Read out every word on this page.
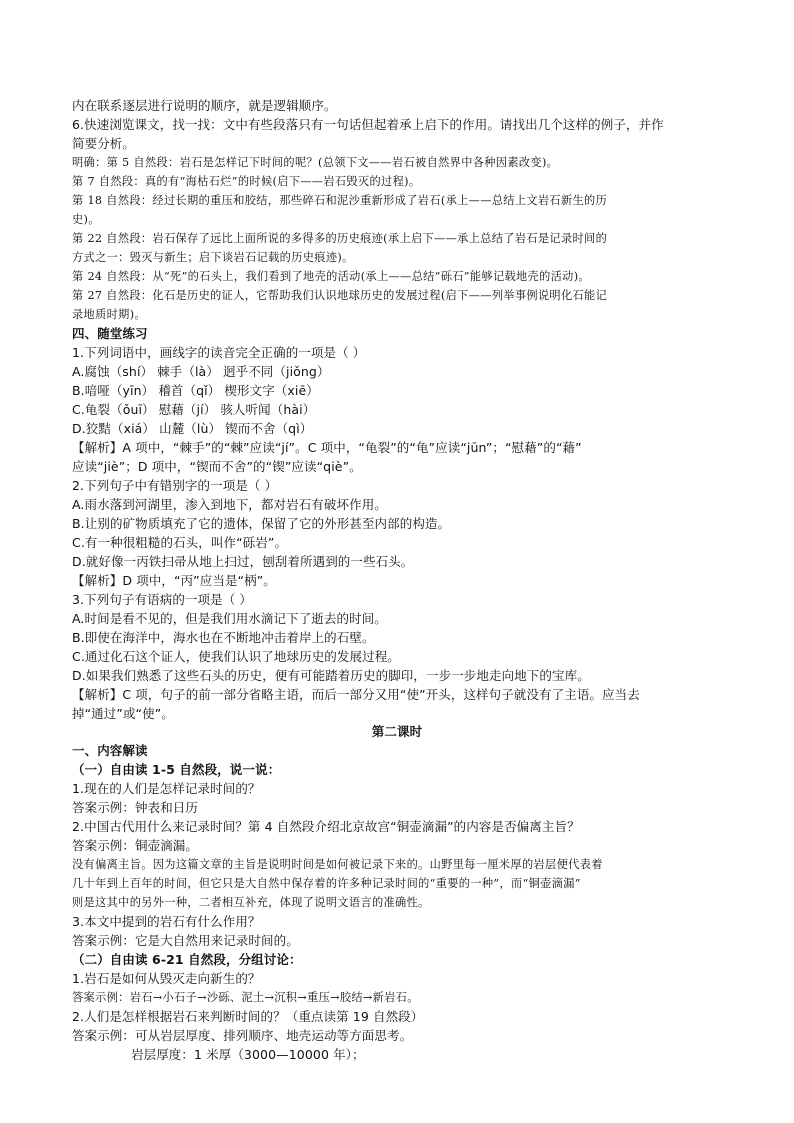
内在联系逐层进行说明的顺序，就是逻辑顺序。
6.快速浏览课文，找一找：文中有些段落只有一句话但起着承上启下的作用。请找出几个这样的例子，并作
简要分析。
明确：第 5 自然段：岩石是怎样记下时间的呢？(总领下文——岩石被自然界中各种因素改变)。
第 7 自然段：真的有“海枯石烂”的时候(启下——岩石毁灭的过程)。
第 18 自然段：经过长期的重压和胶结，那些碎石和泥沙重新形成了岩石(承上——总结上文岩石新生的历
史)。
第 22 自然段：岩石保存了远比上面所说的多得多的历史痕迹(承上启下——承上总结了岩石是记录时间的
方式之一：毁灭与新生；启下谈岩石记载的历史痕迹)。
第 24 自然段：从“死”的石头上，我们看到了地壳的活动(承上——总结“砾石”能够记载地壳的活动)。
第 27 自然段：化石是历史的证人，它帮助我们认识地球历史的发展过程(启下——列举事例说明化石能记
录地质时期)。
四、随堂练习
1.下列词语中，画线字的读音完全正确的一项是（ ）
A.腐蚀（shí） 棘手（là） 迥乎不同（jiǒng）
B.喑哑（yīn） 稽首（qǐ） 楔形文字（xiē）
C.龟裂（ǒuī） 慰藉（jí） 骇人听闻（hài）
D.狡黠（xiá） 山麓（lù） 锲而不舍（qì）
【解析】A 项中，“棘手”的“棘”应读“jí”。C 项中，“龟裂”的“龟”应读“jūn”；“慰藉”的“藉”
应读“jiè”；D 项中，“锲而不舍”的“锲”应读“qiè”。
2.下列句子中有错别字的一项是（ ）
A.雨水落到河湖里，渗入到地下，都对岩石有破坏作用。
B.让别的矿物质填充了它的遗体，保留了它的外形甚至内部的构造。
C.有一种很粗糙的石头，叫作“砾岩”。
D.就好像一丙铁扫帚从地上扫过，刨刮着所遇到的一些石头。
【解析】D 项中，“丙”应当是“柄”。
3.下列句子有语病的一项是（ ）
A.时间是看不见的，但是我们用水滴记下了逝去的时间。
B.即使在海洋中，海水也在不断地冲击着岸上的石壁。
C.通过化石这个证人，使我们认识了地球历史的发展过程。
D.如果我们熟悉了这些石头的历史，便有可能踏着历史的脚印，一步一步地走向地下的宝库。
【解析】C 项，句子的前一部分省略主语，而后一部分又用“使”开头，这样句子就没有了主语。应当去
掉“通过”或“使”。
第二课时
一、内容解读
（一）自由读 1-5 自然段，说一说：
1.现在的人们是怎样记录时间的？
答案示例：钟表和日历
2.中国古代用什么来记录时间？第 4 自然段介绍北京故宫“铜壶滴漏”的内容是否偏离主旨？
答案示例：铜壶滴漏。
没有偏离主旨。因为这篇文章的主旨是说明时间是如何被记录下来的。山野里每一厘米厚的岩层便代表着
几十年到上百年的时间，但它只是大自然中保存着的许多种记录时间的“重要的一种”，而“铜壶滴漏”
则是这其中的另外一种，二者相互补充，体现了说明文语言的准确性。
3.本文中提到的岩石有什么作用？
答案示例：它是大自然用来记录时间的。
（二）自由读 6-21 自然段，分组讨论：
1.岩石是如何从毁灭走向新生的？
答案示例：岩石→小石子→沙砾、泥土→沉积→重压→胶结→新岩石。
2.人们是怎样根据岩石来判断时间的？（重点读第 19 自然段）
答案示例：可从岩层厚度、排列顺序、地壳运动等方面思考。
岩层厚度：1 米厚（3000—10000 年）；
